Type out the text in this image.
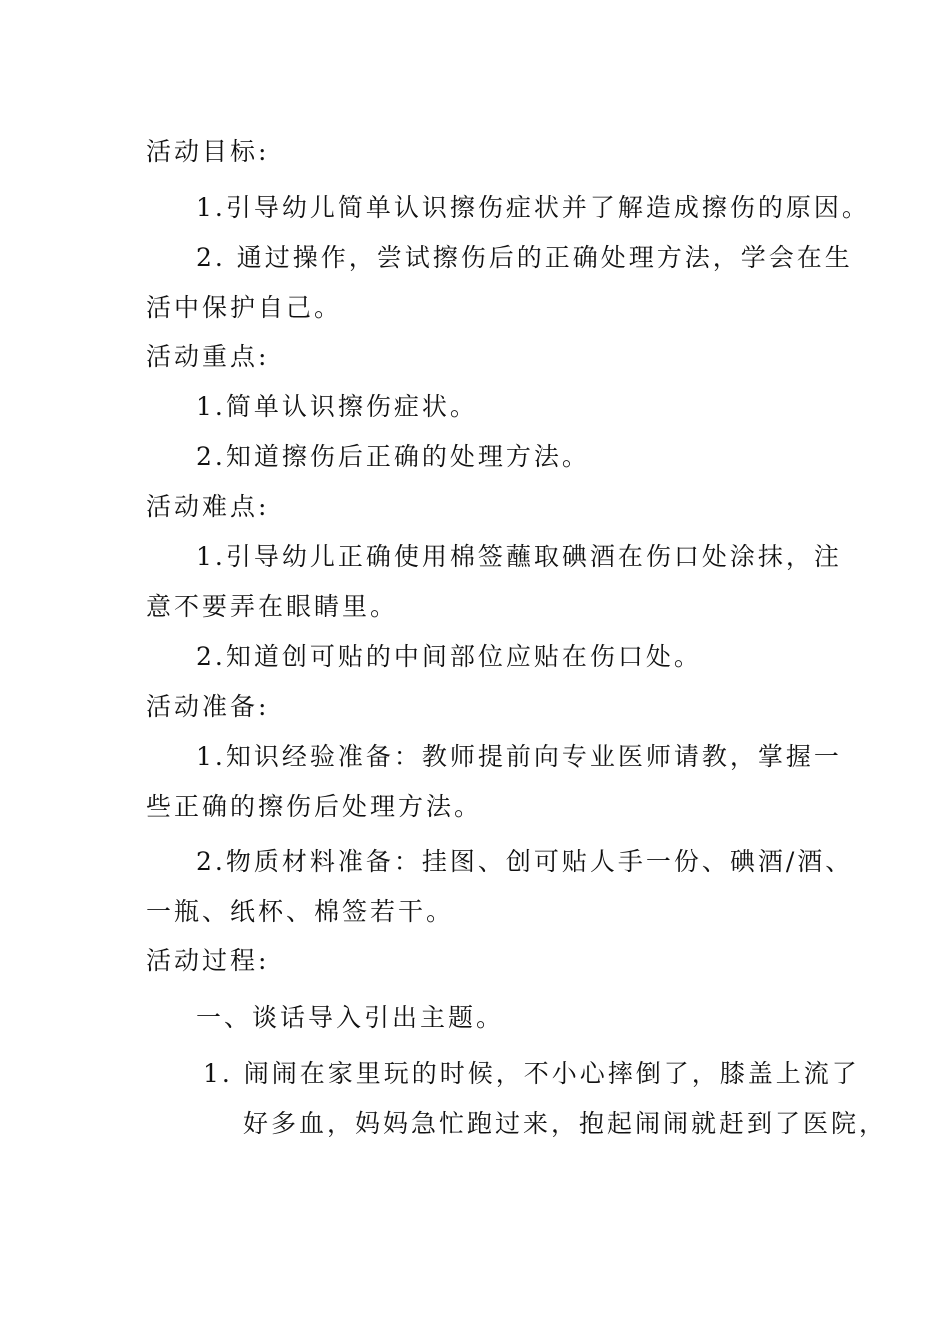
活动目标:
1.引导幼儿简单认识擦伤症状并了解造成擦伤的原因。
2. 通过操作，尝试擦伤后的正确处理方法，学会在生
活中保护自己。
活动重点:
1.简单认识擦伤症状。
2.知道擦伤后正确的处理方法。
活动难点:
1.引导幼儿正确使用棉签蘸取碘酒在伤口处涂抹，注
意不要弄在眼睛里。
2.知道创可贴的中间部位应贴在伤口处。
活动准备:
1.知识经验准备：教师提前向专业医师请教，掌握一
些正确的擦伤后处理方法。
2.物质材料准备：挂图、创可贴人手一份、碘酒/酒、
一瓶、纸杯、棉签若干。
活动过程:
一、谈话导入引出主题。
1. 闹闹在家里玩的时候，不小心摔倒了，膝盖上流了
好多血，妈妈急忙跑过来，抱起闹闹就赶到了医院，
